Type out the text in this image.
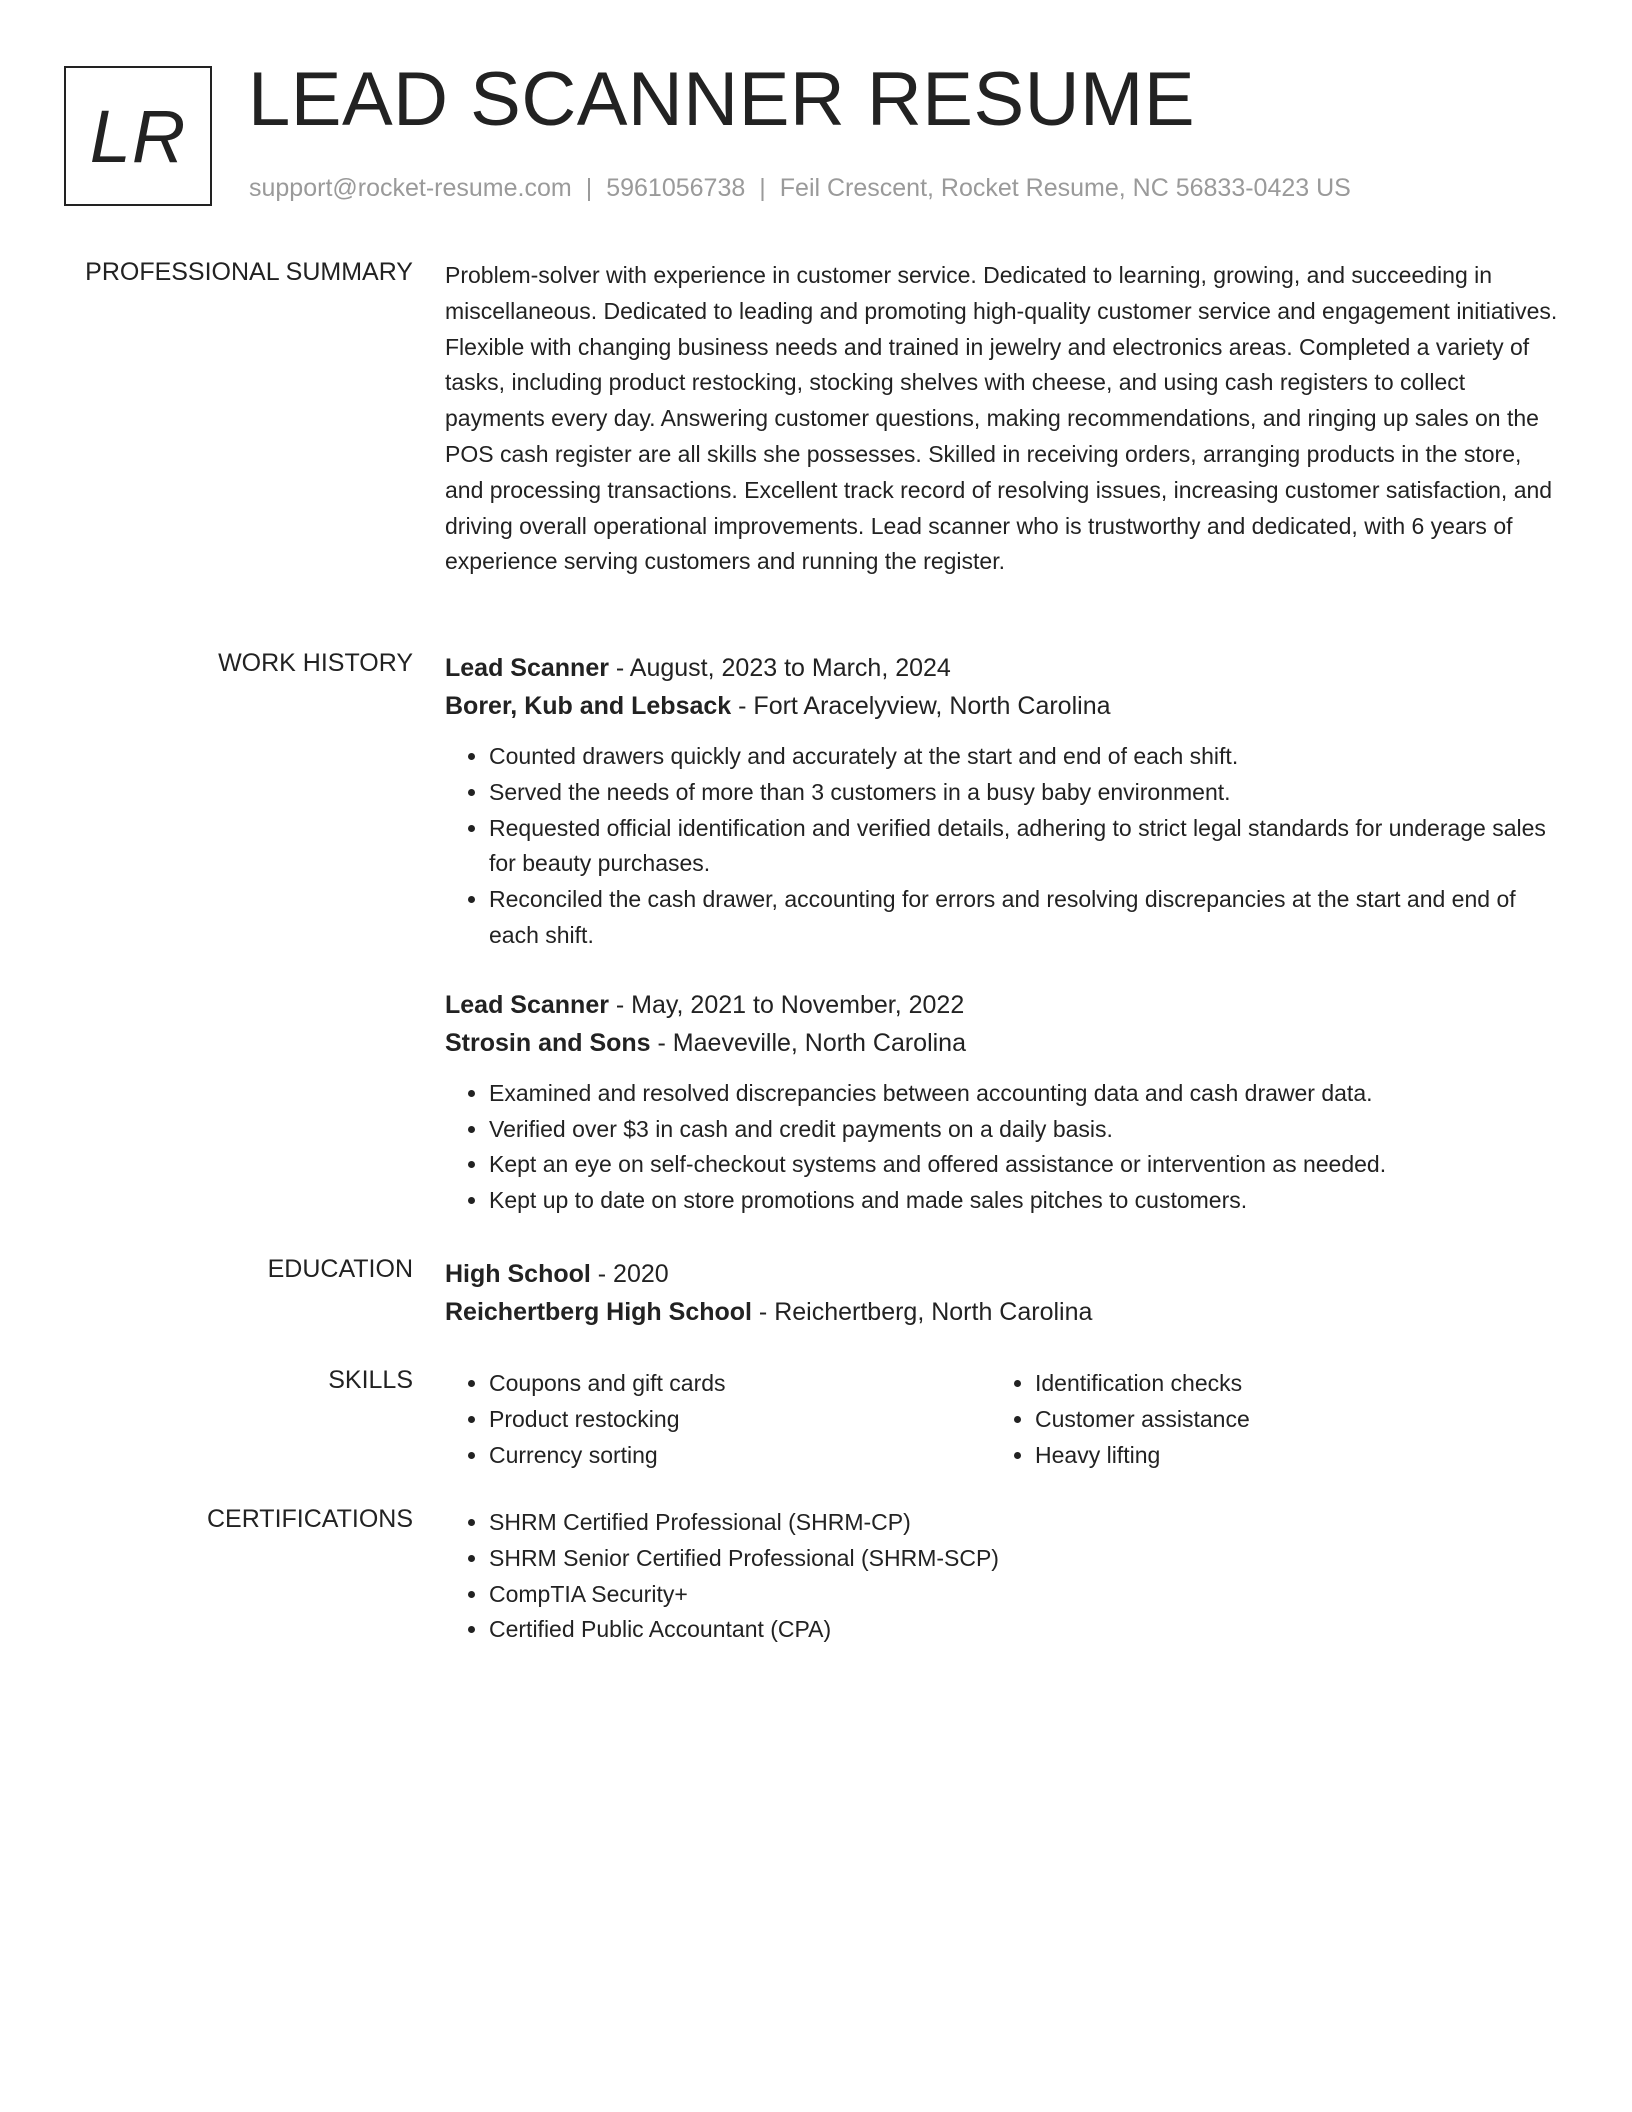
LR LEAD SCANNER RESUME
support@rocket-resume.com | 5961056738 | Feil Crescent, Rocket Resume, NC 56833-0423 US
PROFESSIONAL SUMMARY Problem-solver with experience in customer service. Dedicated to learning, growing, and succeeding in miscellaneous. Dedicated to leading and promoting high-quality customer service and engagement initiatives. Flexible with changing business needs and trained in jewelry and electronics areas. Completed a variety of tasks, including product restocking, stocking shelves with cheese, and using cash registers to collect payments every day. Answering customer questions, making recommendations, and ringing up sales on the POS cash register are all skills she possesses. Skilled in receiving orders, arranging products in the store, and processing transactions. Excellent track record of resolving issues, increasing customer satisfaction, and driving overall operational improvements. Lead scanner who is trustworthy and dedicated, with 6 years of experience serving customers and running the register.

WORK HISTORY Lead Scanner - August, 2023 to March, 2024
Borer, Kub and Lebsack - Fort Aracelyview, North Carolina
• Counted drawers quickly and accurately at the start and end of each shift.
• Served the needs of more than 3 customers in a busy baby environment.
• Requested official identification and verified details, adhering to strict legal standards for underage sales for beauty purchases.
• Reconciled the cash drawer, accounting for errors and resolving discrepancies at the start and end of each shift.
Lead Scanner - May, 2021 to November, 2022
Strosin and Sons - Maeveville, North Carolina
• Examined and resolved discrepancies between accounting data and cash drawer data.
• Verified over $3 in cash and credit payments on a daily basis.
• Kept an eye on self-checkout systems and offered assistance or intervention as needed.
• Kept up to date on store promotions and made sales pitches to customers.
EDUCATION High School - 2020
Reichertberg High School - Reichertberg, North Carolina
SKILLS	• Coupons and gift cards
• Product restocking
• Currency sorting
• Identification checks
• Customer assistance
• Heavy lifting
CERTIFICATIONS	• SHRM Certified Professional (SHRM-CP)
• SHRM Senior Certified Professional (SHRM-SCP)
• CompTIA Security+
• Certified Public Accountant (CPA)
